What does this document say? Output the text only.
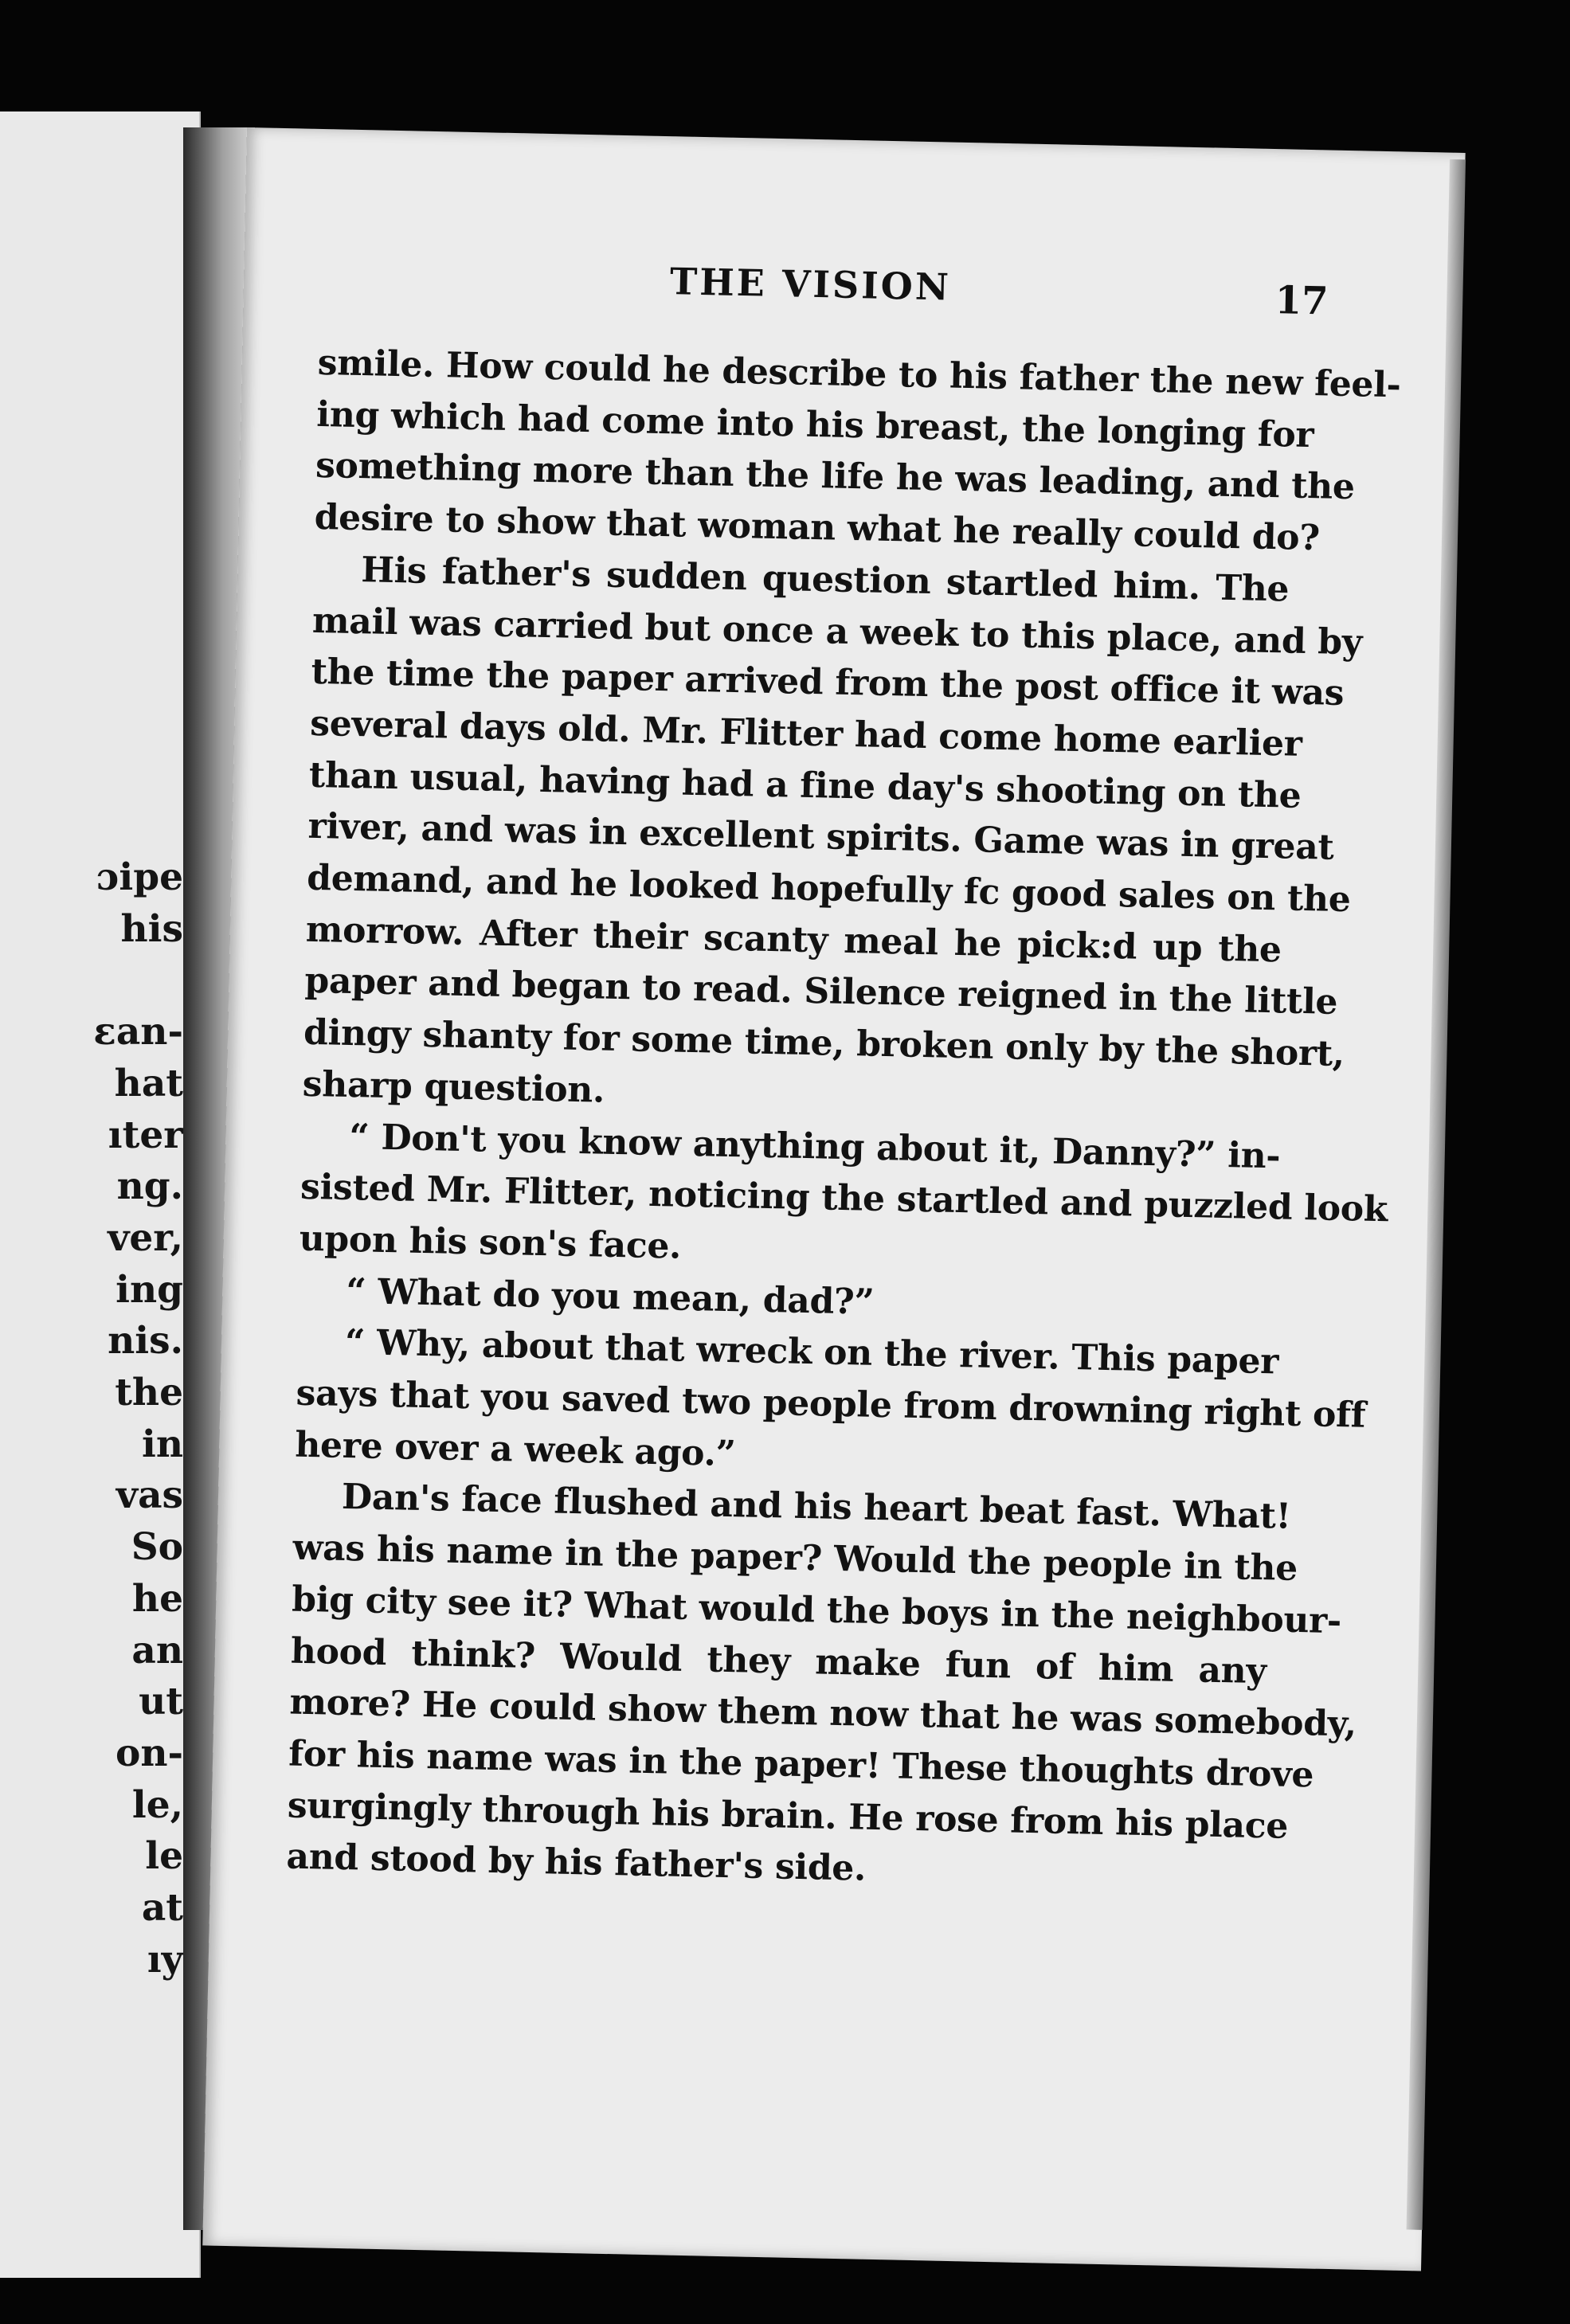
ɔipe
his
ɛan-
hat
ıter
ng.
ver,
ing
nis.
the
in
vas
So
he
an
ut
on-
le,
le
at
ıy
THE VISION	17

smile. How could he describe to his father the new feel-
ing which had come into his breast, the longing for
something more than the life he was leading, and the
desire to show that woman what he really could do?

His father's sudden question startled him. The
mail was carried but once a week to this place, and by
the time the paper arrived from the post office it was
several days old. Mr. Flitter had come home earlier
than usual, having had a fine day's shooting on the
river, and was in excellent spirits. Game was in great
demand, and he looked hopefully fc good sales on the
morrow. After their scanty meal he pick:d up the
paper and began to read. Silence reigned in the little
dingy shanty for some time, broken only by the short,
sharp question.

“ Don't you know anything about it, Danny?” in-
sisted Mr. Flitter, noticing the startled and puzzled look
upon his son's face.

“ What do you mean, dad?”

“ Why, about that wreck on the river. This paper
says that you saved two people from drowning right off
here over a week ago.”

Dan's face flushed and his heart beat fast. What!
was his name in the paper? Would the people in the
big city see it? What would the boys in the neighbour-
hood think? Would they make fun of him any
more? He could show them now that he was somebody,
for his name was in the paper! These thoughts drove
surgingly through his brain. He rose from his place
and stood by his father's side.
